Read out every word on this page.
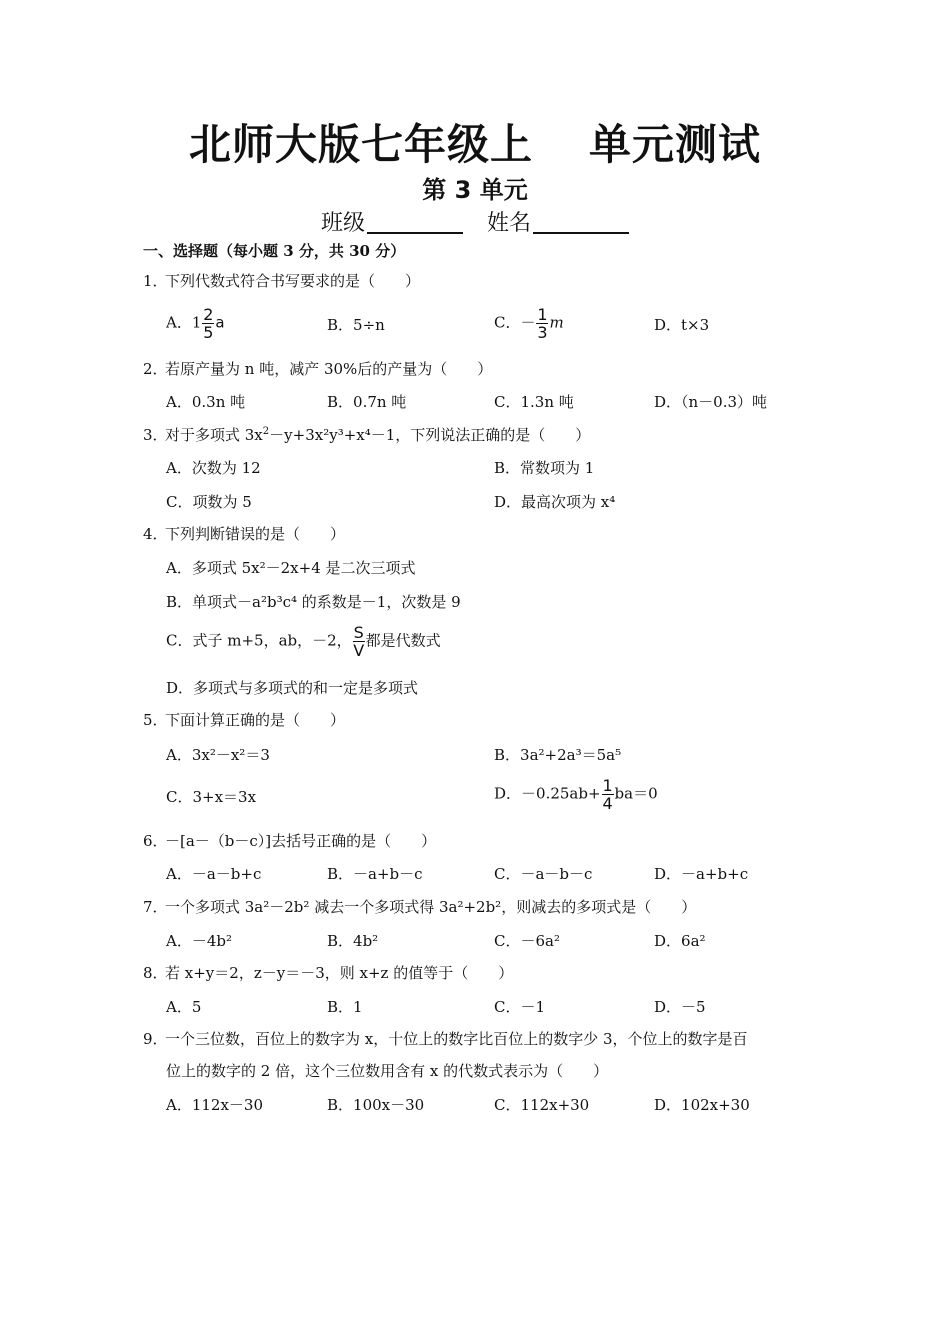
北师大版七年级上 单元测试
第 3 单元
班级	姓名
一、选择题（每小题 3 分，共 30 分）
1．下列代数式符合书写要求的是（　　）
A．$1 \frac{2}{5}$ a	B．5÷n	C．－ $\frac{1}{3}$ m	D．t×3
2．若原产量为 n 吨，减产 30%后的产量为（　　）
A．0.3n 吨	B．0.7n 吨	C．1.3n 吨	D．（n－0.3）吨
3．对于多项式 $3x^2-y+3x^2y^3+x^4-1$，下列说法正确的是（　　）
A．次数为 12	B．常数项为 1
C．项数为 5	D．最高次项为 x⁴
4．下列判断错误的是（　　）
A．多项式 5x²－2x+4 是二次三项式
B．单项式－a²b³c⁴ 的系数是－1，次数是 9
C．式子 m+5，ab，－2， $\frac{S}{V}$ 都是代数式
D．多项式与多项式的和一定是多项式
5．下面计算正确的是（　　）
A．3x²－x²＝3	B．3a²+2a³＝5a⁵
C．3+x＝3x	D．$-0.25ab+ \frac{1}{4} ba=0$
6．－[a－（b－c）]去括号正确的是（　　）
A．－a－b+c	B．－a+b－c	C．－a－b－c	D．－a+b+c
7．一个多项式 3a²－2b² 减去一个多项式得 3a²+2b²，则减去的多项式是（　　）
A．－4b²	B．4b²	C．－6a²	D．6a²
8．若 x+y＝2，z－y＝－3，则 x+z 的值等于（　　）
A．5	B．1	C．－1	D．－5
9．一个三位数，百位上的数字为 x，十位上的数字比百位上的数字少 3，个位上的数字是百
位上的数字的 2 倍，这个三位数用含有 x 的代数式表示为（　　）
A．112x－30	B．100x－30	C．112x+30	D．102x+30
